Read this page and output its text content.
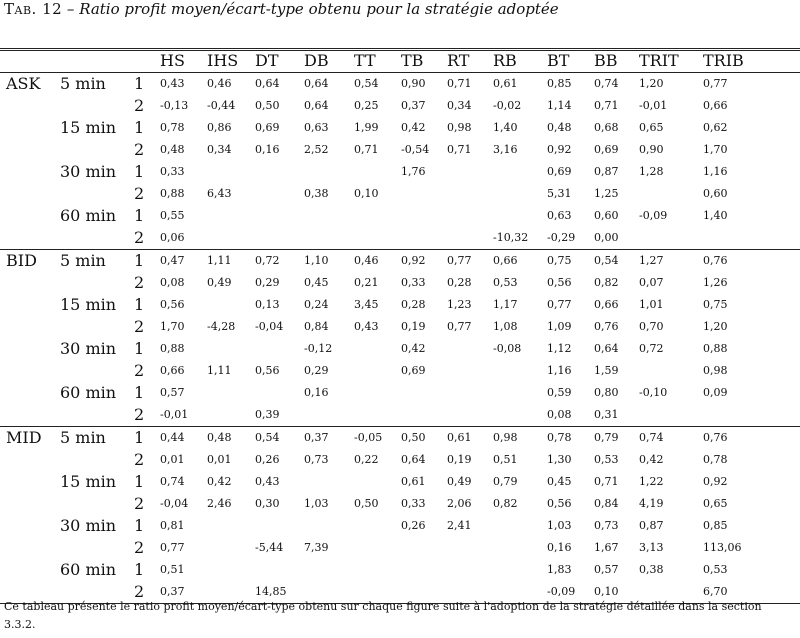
Tab. 12 – Ratio profit moyen/écart-type obtenu pour la stratégie adoptée
			HS	IHS	DT	DB	TT	TB	RT	RB	BT	BB	TRIT	TRIB	
ASK	5 min	1	0,43	0,46	0,64	0,64	0,54	0,90	0,71	0,61	0,85	0,74	1,20	0,77	
		2	-0,13	-0,44	0,50	0,64	0,25	0,37	0,34	-0,02	1,14	0,71	-0,01	0,66	
	15 min	1	0,78	0,86	0,69	0,63	1,99	0,42	0,98	1,40	0,48	0,68	0,65	0,62	
		2	0,48	0,34	0,16	2,52	0,71	-0,54	0,71	3,16	0,92	0,69	0,90	1,70	
	30 min	1	0,33					1,76			0,69	0,87	1,28	1,16	
		2	0,88	6,43		0,38	0,10				5,31	1,25		0,60	
	60 min	1	0,55								0,63	0,60	-0,09	1,40	
		2	0,06							-10,32	-0,29	0,00			
BID	5 min	1	0,47	1,11	0,72	1,10	0,46	0,92	0,77	0,66	0,75	0,54	1,27	0,76	
		2	0,08	0,49	0,29	0,45	0,21	0,33	0,28	0,53	0,56	0,82	0,07	1,26	
	15 min	1	0,56		0,13	0,24	3,45	0,28	1,23	1,17	0,77	0,66	1,01	0,75	
		2	1,70	-4,28	-0,04	0,84	0,43	0,19	0,77	1,08	1,09	0,76	0,70	1,20	
	30 min	1	0,88			-0,12		0,42		-0,08	1,12	0,64	0,72	0,88	
		2	0,66	1,11	0,56	0,29		0,69			1,16	1,59		0,98	
	60 min	1	0,57			0,16					0,59	0,80	-0,10	0,09	
		2	-0,01		0,39						0,08	0,31			
MID	5 min	1	0,44	0,48	0,54	0,37	-0,05	0,50	0,61	0,98	0,78	0,79	0,74	0,76	
		2	0,01	0,01	0,26	0,73	0,22	0,64	0,19	0,51	1,30	0,53	0,42	0,78	
	15 min	1	0,74	0,42	0,43			0,61	0,49	0,79	0,45	0,71	1,22	0,92	
		2	-0,04	2,46	0,30	1,03	0,50	0,33	2,06	0,82	0,56	0,84	4,19	0,65	
	30 min	1	0,81					0,26	2,41		1,03	0,73	0,87	0,85	
		2	0,77		-5,44	7,39					0,16	1,67	3,13	113,06	
	60 min	1	0,51								1,83	0,57	0,38	0,53	
		2	0,37		14,85						-0,09	0,10		6,70	
Ce tableau présente le ratio profit moyen/écart-type obtenu sur chaque figure suite à l'adoption de la stratégie détaillée dans la section 3.3.2.
